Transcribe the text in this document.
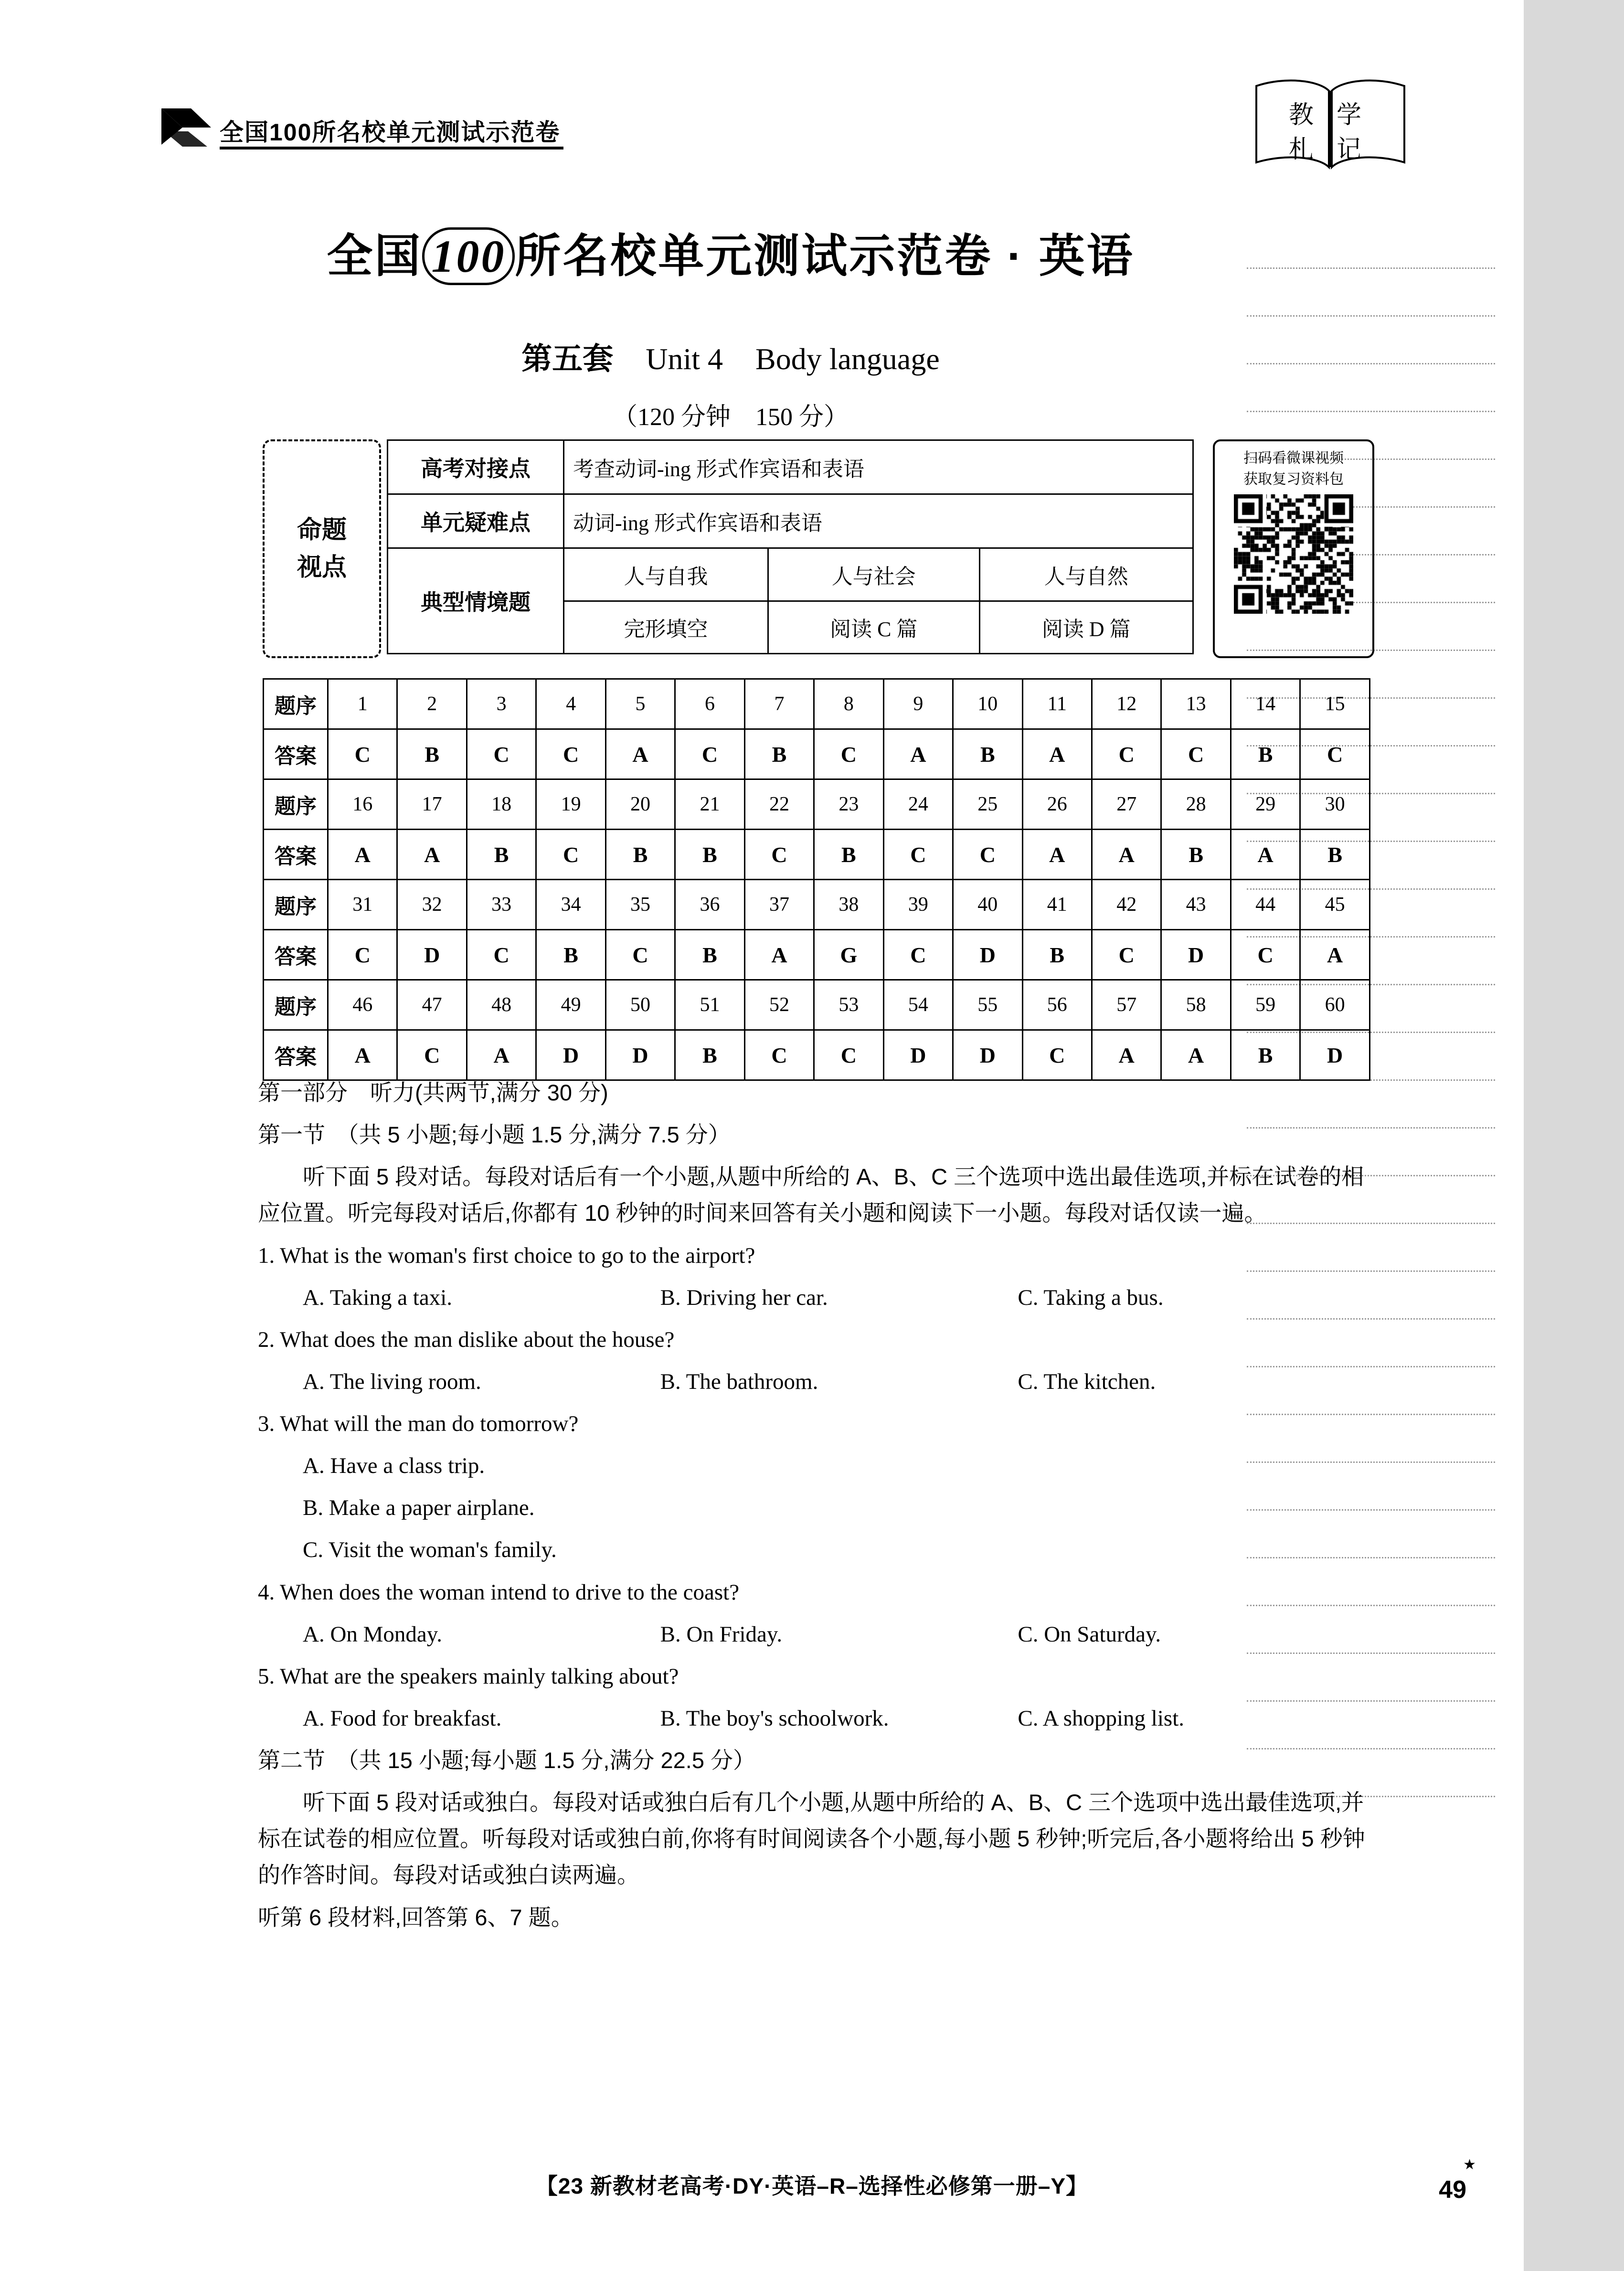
教 学
札 记
全国100所名校单元测试示范卷
全国 100 所名校单元测试示范卷 · 英语
第五套 Unit 4 Body language
（120 分钟　150 分）
命题
视点
高考对接点	考查动词-ing 形式作宾语和表语		
单元疑难点	动词-ing 形式作宾语和表语		
典型情境题	人与自我	人与社会	人与自然
	完形填空	阅读 C 篇	阅读 D 篇
扫码看微课视频
获取复习资料包
题序	1	2	3	4	5	6	7	8	9	10	11	12	13	14	15
答案	C	B	C	C	A	C	B	C	A	B	A	C	C	B	C
题序	16	17	18	19	20	21	22	23	24	25	26	27	28	29	30
答案	A	A	B	C	B	B	C	B	C	C	A	A	B	A	B
题序	31	32	33	34	35	36	37	38	39	40	41	42	43	44	45
答案	C	D	C	B	C	B	A	G	C	D	B	C	D	C	A
题序	46	47	48	49	50	51	52	53	54	55	56	57	58	59	60
答案	A	C	A	D	D	B	C	C	D	D	C	A	A	B	D

第一部分　听力(共两节,满分 30 分)

第一节　（共 5 小题;每小题 1.5 分,满分 7.5 分）

听下面 5 段对话。每段对话后有一个小题,从题中所给的 A、B、C 三个选项中选出最佳选项,并标在试卷的相应位置。听完每段对话后,你都有 10 秒钟的时间来回答有关小题和阅读下一小题。每段对话仅读一遍。

1. What is the woman's first choice to go to the airport?

A. Taking a taxi.	B. Driving her car.	C. Taking a bus.

2. What does the man dislike about the house?

A. The living room.	B. The bathroom.	C. The kitchen.

3. What will the man do tomorrow?

A. Have a class trip.

B. Make a paper airplane.

C. Visit the woman's family.

4. When does the woman intend to drive to the coast?

A. On Monday.	B. On Friday.	C. On Saturday.

5. What are the speakers mainly talking about?

A. Food for breakfast.	B. The boy's schoolwork.	C. A shopping list.

第二节　（共 15 小题;每小题 1.5 分,满分 22.5 分）

听下面 5 段对话或独白。每段对话或独白后有几个小题,从题中所给的 A、B、C 三个选项中选出最佳选项,并标在试卷的相应位置。听每段对话或独白前,你将有时间阅读各个小题,每小题 5 秒钟;听完后,各小题将给出 5 秒钟的作答时间。每段对话或独白读两遍。

听第 6 段材料,回答第 6、7 题。

【23 新教材老高考·DY·英语–R–选择性必修第一册–Y】	49
★
